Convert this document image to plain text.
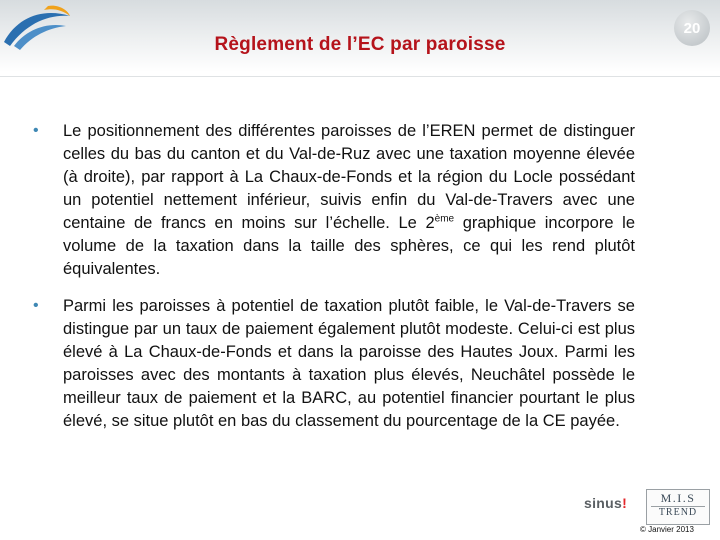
Règlement de l’EC par paroisse
20
• Le positionnement des différentes paroisses de l’EREN permet de distinguer celles du bas du canton et du Val-de-Ruz avec une taxation moyenne élevée (à droite), par rapport à La Chaux-de-Fonds et la région du Locle possédant un potentiel nettement inférieur, suivis enfin du Val-de-Travers avec une centaine de francs en moins sur l’échelle. Le 2ème graphique incorpore le volume de la taxation dans la taille des sphères, ce qui les rend plutôt équivalentes.

• Parmi les paroisses à potentiel de taxation plutôt faible, le Val-de-Travers se distingue par un taux de paiement également plutôt modeste. Celui-ci est plus élevé à La Chaux-de-Fonds et dans la paroisse des Hautes Joux. Parmi les paroisses avec des montants à taxation plus élevés, Neuchâtel possède le meilleur taux de paiement et la BARC, au potentiel financier pourtant le plus élevé, se situe plutôt en bas du classement du pourcentage de la CE payée.

sinus!	M.I.S
TREND
© Janvier 2013
